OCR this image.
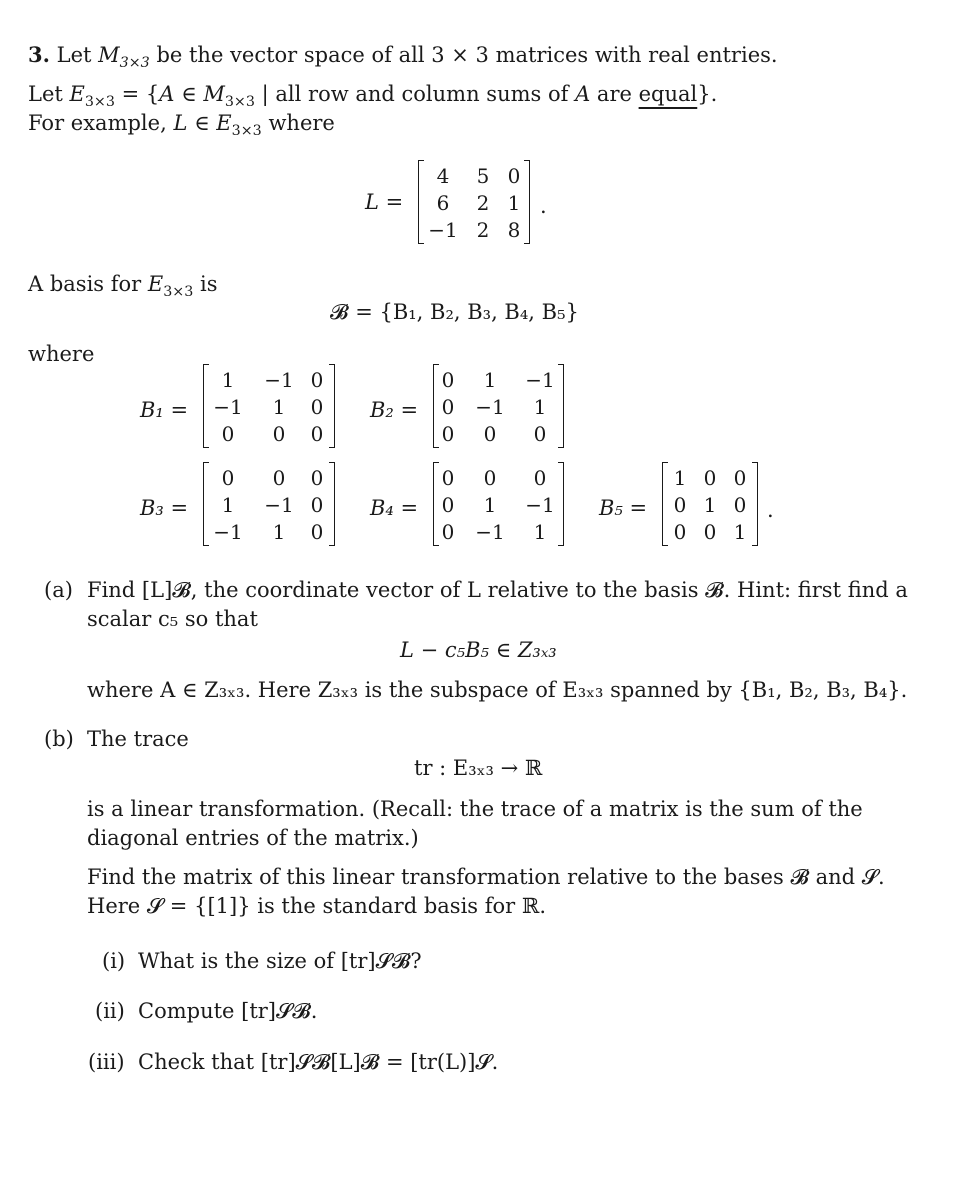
3. Let $M_{3\times 3}$ be the vector space of all 3 × 3 matrices with real entries.
Let $E_{3\times 3} = \{A$ ∈ $M_{3\times 3}$ | all row and column sums of A are equal}.
For example, L ∈ $E_{3\times 3}$ where
L =
4	5 0
6	2 1
−1 2 8
.
A basis for $E_{3\times 3}$ is
𝓑 = {B₁, B₂, B₃, B₄, B₅}
where
B₁ =
1	−1 0
−1	1	0
0	0	0
B₂ =
0	1	−1
0	−1	1
0	0	0
B₃ =
0	0	0
1	−1 0
−1	1	0
B₄ =
0	0	0
0	1	−1
0	−1	1
B₅ =
1 0 0
0 1 0
0 0 1
.
(a) Find [L]𝓑, the coordinate vector of L relative to the basis 𝓑. Hint: first find a
scalar c₅ so that
L − c₅B₅ ∈ Z₃ₓ₃
where A ∈ Z₃ₓ₃. Here Z₃ₓ₃ is the subspace of E₃ₓ₃ spanned by {B₁, B₂, B₃, B₄}.
(b) The trace
tr : E₃ₓ₃ → ℝ
is a linear transformation. (Recall: the trace of a matrix is the sum of the
diagonal entries of the matrix.)
Find the matrix of this linear transformation relative to the bases 𝓑 and 𝓢.
Here 𝓢 = {[1]} is the standard basis for ℝ.
(i) What is the size of [tr]𝓢𝓑?
(ii) Compute [tr]𝓢𝓑.
(iii) Check that [tr]𝓢𝓑[L]𝓑 = [tr(L)]𝓢.
